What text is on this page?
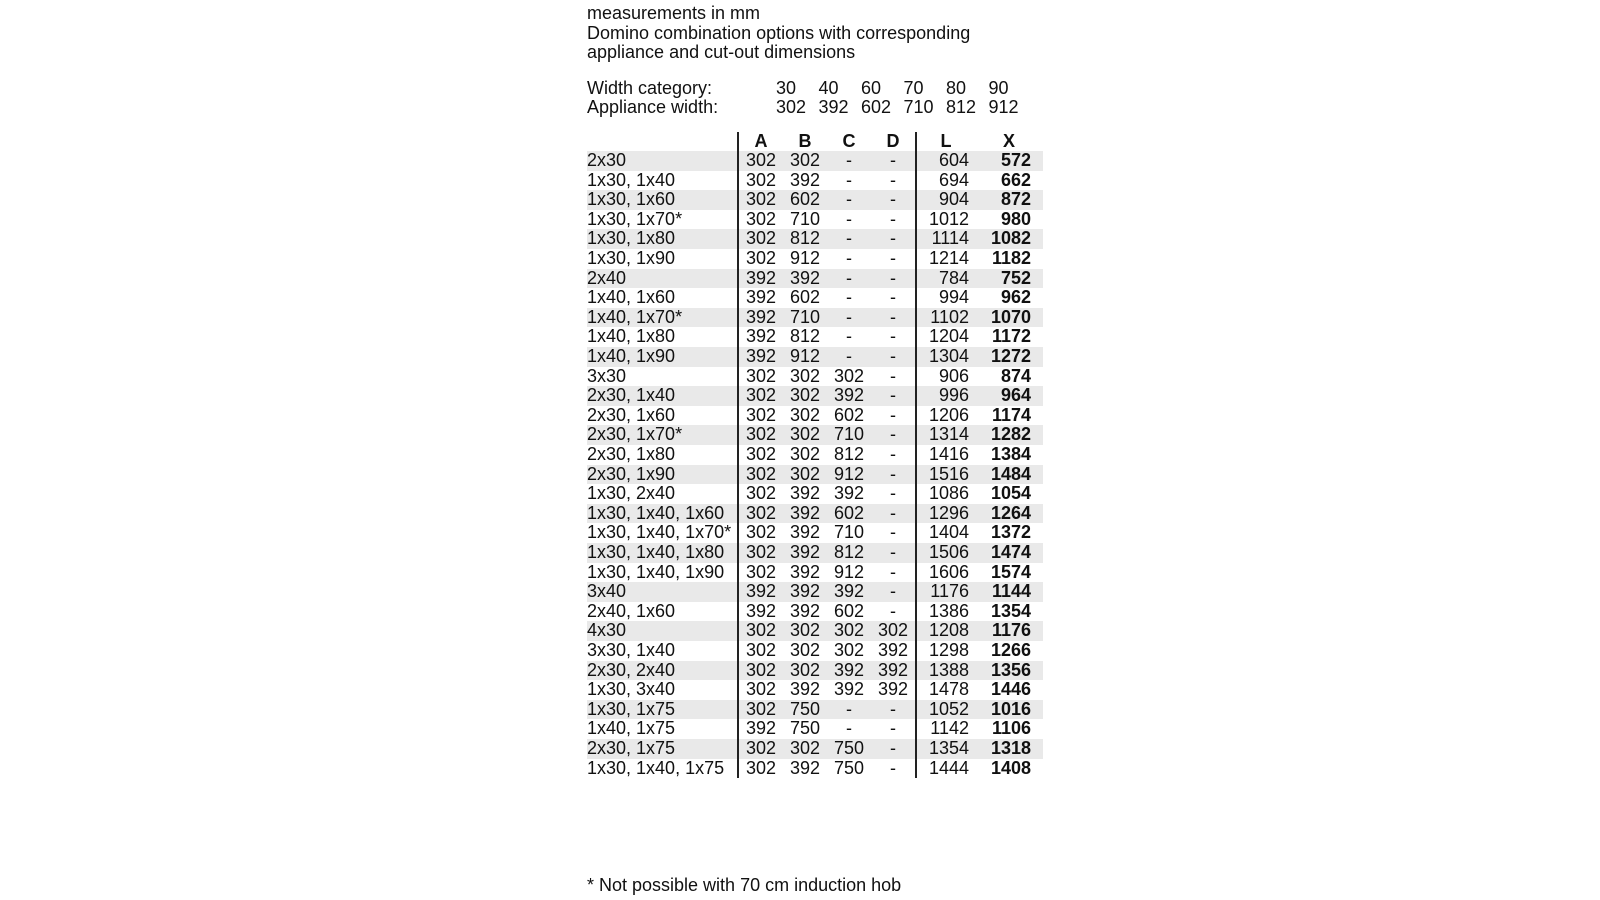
measurements in mm
Domino combination options with corresponding
appliance and cut-out dimensions
Width category:	30	40	60	70	80	90
Appliance width:	302 392 602 710 812 912
	A	B	C	D	L	X
2x30	302	302	-	-	604	572
1x30, 1x40	302	392	-	-	694	662
1x30, 1x60	302	602	-	-	904	872
1x30, 1x70*	302	710	-	-	1012	980
1x30, 1x80	302	812	-	-	1114	1082
1x30, 1x90	302	912	-	-	1214	1182
2x40	392	392	-	-	784	752
1x40, 1x60	392	602	-	-	994	962
1x40, 1x70*	392	710	-	-	1102	1070
1x40, 1x80	392	812	-	-	1204	1172
1x40, 1x90	392	912	-	-	1304	1272
3x30	302	302	302	-	906	874
2x30, 1x40	302	302	392	-	996	964
2x30, 1x60	302	302	602	-	1206	1174
2x30, 1x70*	302	302	710	-	1314	1282
2x30, 1x80	302	302	812	-	1416	1384
2x30, 1x90	302	302	912	-	1516	1484
1x30, 2x40	302	392	392	-	1086	1054
1x30, 1x40, 1x60	302	392	602	-	1296	1264
1x30, 1x40, 1x70*	302	392	710	-	1404	1372
1x30, 1x40, 1x80	302	392	812	-	1506	1474
1x30, 1x40, 1x90	302	392	912	-	1606	1574
3x40	392	392	392	-	1176	1144
2x40, 1x60	392	392	602	-	1386	1354
4x30	302	302	302	302	1208	1176
3x30, 1x40	302	302	302	392	1298	1266
2x30, 2x40	302	302	392	392	1388	1356
1x30, 3x40	302	392	392	392	1478	1446
1x30, 1x75	302	750	-	-	1052	1016
1x40, 1x75	392	750	-	-	1142	1106
2x30, 1x75	302	302	750	-	1354	1318
1x30, 1x40, 1x75	302	392	750	-	1444	1408
* Not possible with 70 cm induction hob
